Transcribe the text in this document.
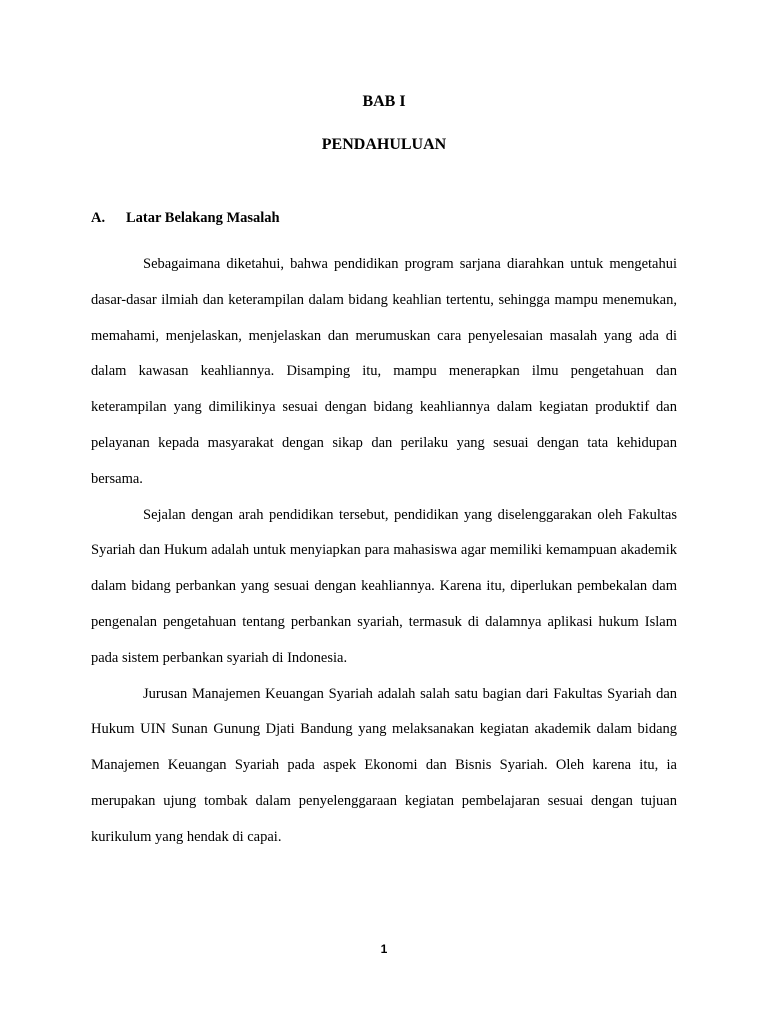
BAB I
PENDAHULUAN
A. Latar Belakang Masalah

Sebagaimana diketahui, bahwa pendidikan program sarjana diarahkan untuk mengetahui dasar-dasar ilmiah dan keterampilan dalam bidang keahlian tertentu, sehingga mampu menemukan, memahami, menjelaskan, menjelaskan dan merumuskan cara penyelesaian masalah yang ada di dalam kawasan keahliannya. Disamping itu, mampu menerapkan ilmu pengetahuan dan keterampilan yang dimilikinya sesuai dengan bidang keahliannya dalam kegiatan produktif dan pelayanan kepada masyarakat dengan sikap dan perilaku yang sesuai dengan tata kehidupan bersama.

Sejalan dengan arah pendidikan tersebut, pendidikan yang diselenggarakan oleh Fakultas Syariah dan Hukum adalah untuk menyiapkan para mahasiswa agar memiliki kemampuan akademik dalam bidang perbankan yang sesuai dengan keahliannya. Karena itu, diperlukan pembekalan dam pengenalan pengetahuan tentang perbankan syariah, termasuk di dalamnya aplikasi hukum Islam pada sistem perbankan syariah di Indonesia.

Jurusan Manajemen Keuangan Syariah adalah salah satu bagian dari Fakultas Syariah dan Hukum UIN Sunan Gunung Djati Bandung yang melaksanakan kegiatan akademik dalam bidang Manajemen Keuangan Syariah pada aspek Ekonomi dan Bisnis Syariah. Oleh karena itu, ia merupakan ujung tombak dalam penyelenggaraan kegiatan pembelajaran sesuai dengan tujuan kurikulum yang hendak di capai.

1
